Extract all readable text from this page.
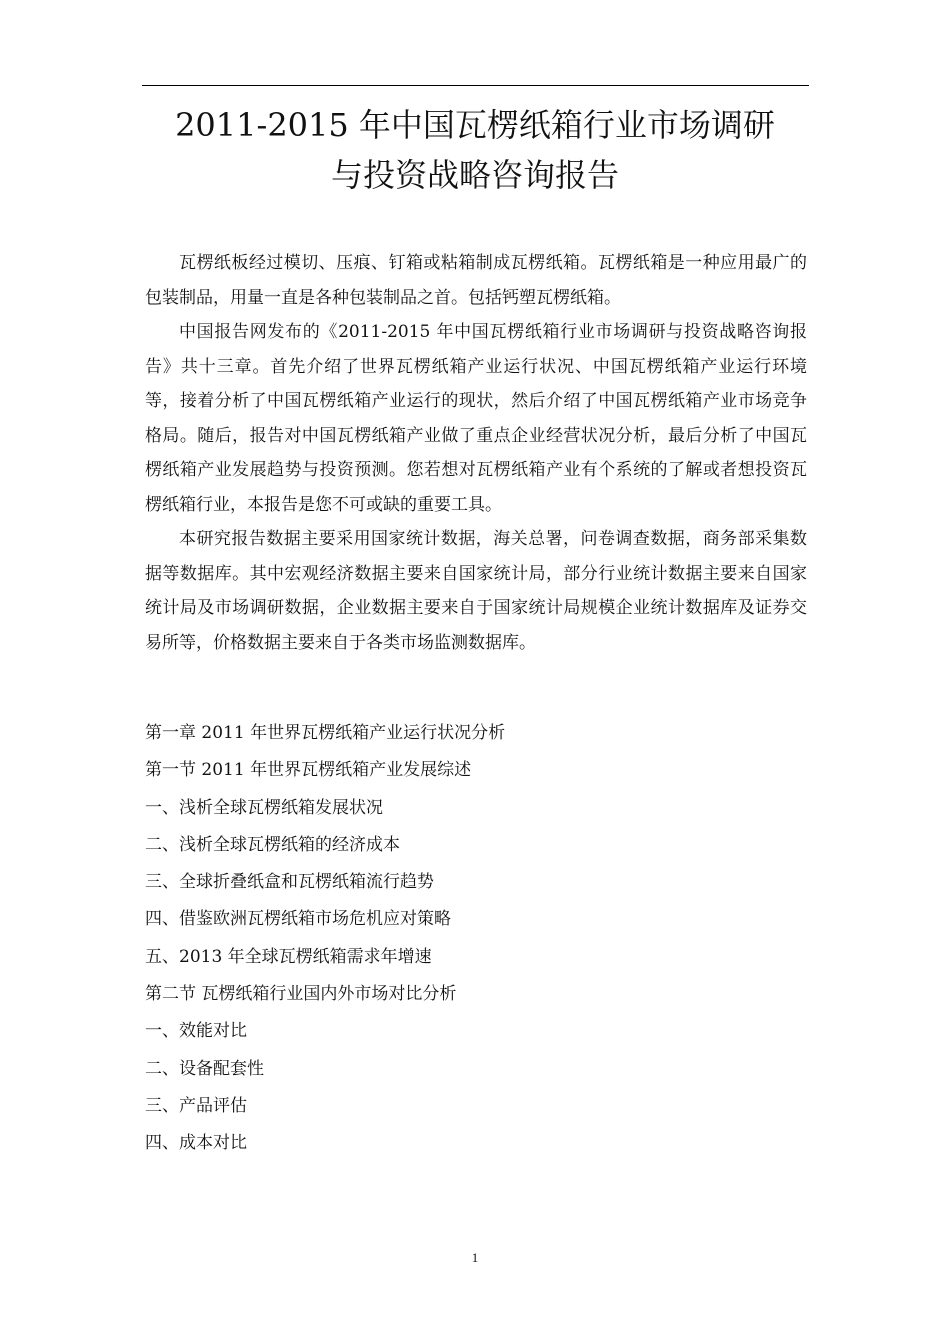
2011-2015 年中国瓦楞纸箱行业市场调研
与投资战略咨询报告

瓦楞纸板经过模切、压痕、钉箱或粘箱制成瓦楞纸箱。瓦楞纸箱是一种应用最广的包装制品，用量一直是各种包装制品之首。包括钙塑瓦楞纸箱。

中国报告网发布的《2011-2015 年中国瓦楞纸箱行业市场调研与投资战略咨询报告》共十三章。首先介绍了世界瓦楞纸箱产业运行状况、中国瓦楞纸箱产业运行环境等，接着分析了中国瓦楞纸箱产业运行的现状，然后介绍了中国瓦楞纸箱产业市场竞争格局。随后，报告对中国瓦楞纸箱产业做了重点企业经营状况分析，最后分析了中国瓦楞纸箱产业发展趋势与投资预测。您若想对瓦楞纸箱产业有个系统的了解或者想投资瓦楞纸箱行业，本报告是您不可或缺的重要工具。

本研究报告数据主要采用国家统计数据，海关总署，问卷调查数据，商务部采集数据等数据库。其中宏观经济数据主要来自国家统计局，部分行业统计数据主要来自国家统计局及市场调研数据，企业数据主要来自于国家统计局规模企业统计数据库及证券交易所等，价格数据主要来自于各类市场监测数据库。

第一章 2011 年世界瓦楞纸箱产业运行状况分析
第一节 2011 年世界瓦楞纸箱产业发展综述
一、浅析全球瓦楞纸箱发展状况
二、浅析全球瓦楞纸箱的经济成本
三、全球折叠纸盒和瓦楞纸箱流行趋势
四、借鉴欧洲瓦楞纸箱市场危机应对策略
五、2013 年全球瓦楞纸箱需求年增速
第二节 瓦楞纸箱行业国内外市场对比分析
一、效能对比
二、设备配套性
三、产品评估
四、成本对比
1
